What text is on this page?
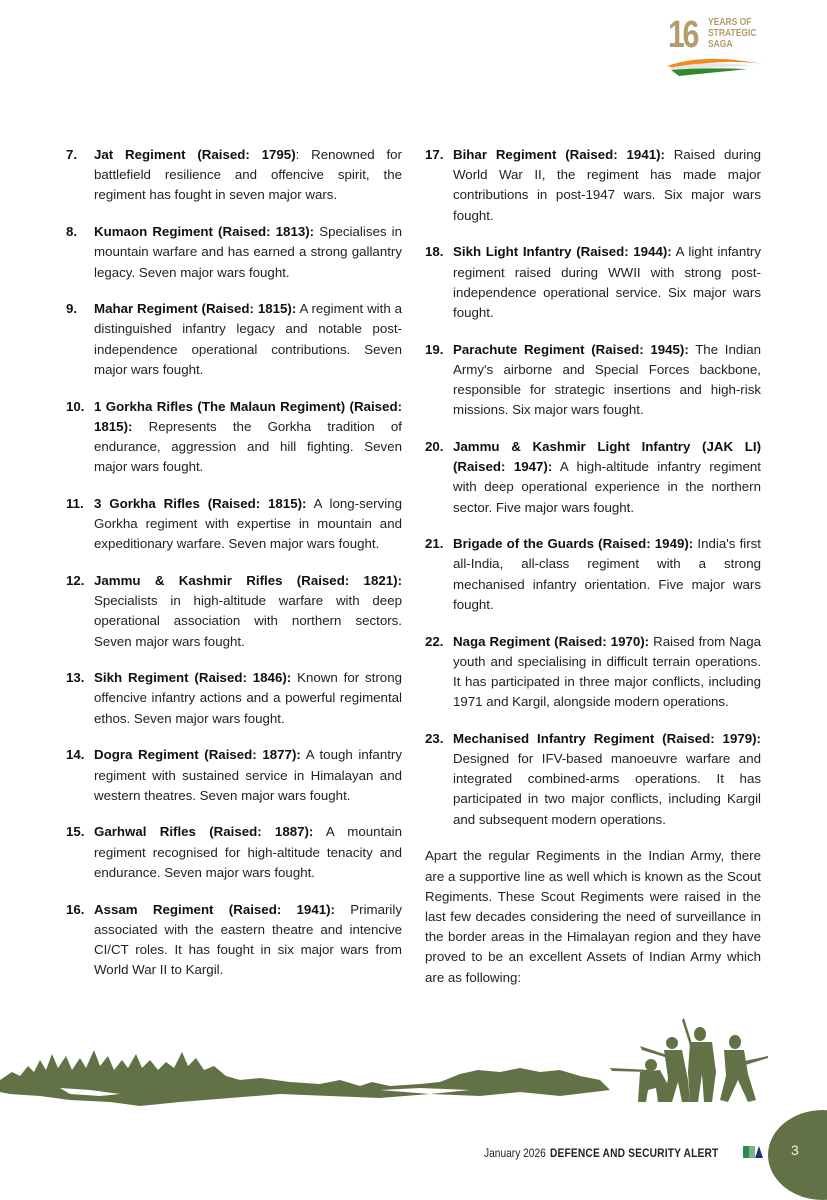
16 YEARS OF
STRATEGIC
SAGA
7. Jat Regiment (Raised: 1795): Renowned for battlefield resilience and offencive spirit, the regiment has fought in seven major wars.
8. Kumaon Regiment (Raised: 1813): Specialises in mountain warfare and has earned a strong gallantry legacy. Seven major wars fought.
9. Mahar Regiment (Raised: 1815): A regiment with a distinguished infantry legacy and notable post-independence operational contributions. Seven major wars fought.
10. 1 Gorkha Rifles (The Malaun Regiment) (Raised: 1815): Represents the Gorkha tradition of endurance, aggression and hill fighting. Seven major wars fought.
11. 3 Gorkha Rifles (Raised: 1815): A long-serving Gorkha regiment with expertise in mountain and expeditionary warfare. Seven major wars fought.
12. Jammu & Kashmir Rifles (Raised: 1821): Specialists in high-altitude warfare with deep operational association with northern sectors. Seven major wars fought.
13. Sikh Regiment (Raised: 1846): Known for strong offencive infantry actions and a powerful regimental ethos. Seven major wars fought.
14. Dogra Regiment (Raised: 1877): A tough infantry regiment with sustained service in Himalayan and western theatres. Seven major wars fought.
15. Garhwal Rifles (Raised: 1887): A mountain regiment recognised for high-altitude tenacity and endurance. Seven major wars fought.
16. Assam Regiment (Raised: 1941): Primarily associated with the eastern theatre and intencive CI/CT roles. It has fought in six major wars from World War II to Kargil.
17. Bihar Regiment (Raised: 1941): Raised during World War II, the regiment has made major contributions in post-1947 wars. Six major wars fought.
18. Sikh Light Infantry (Raised: 1944): A light infantry regiment raised during WWII with strong post-independence operational service. Six major wars fought.
19. Parachute Regiment (Raised: 1945): The Indian Army's airborne and Special Forces backbone, responsible for strategic insertions and high-risk missions. Six major wars fought.
20. Jammu & Kashmir Light Infantry (JAK LI) (Raised: 1947): A high-altitude infantry regiment with deep operational experience in the northern sector. Five major wars fought.
21. Brigade of the Guards (Raised: 1949): India's first all-India, all-class regiment with a strong mechanised infantry orientation. Five major wars fought.
22. Naga Regiment (Raised: 1970): Raised from Naga youth and specialising in difficult terrain operations. It has participated in three major conflicts, including 1971 and Kargil, alongside modern operations.
23. Mechanised Infantry Regiment (Raised: 1979): Designed for IFV-based manoeuvre warfare and integrated combined-arms operations. It has participated in two major conflicts, including Kargil and subsequent modern operations.
Apart the regular Regiments in the Indian Army, there are a supportive line as well which is known as the Scout Regiments. These Scout Regiments were raised in the last few decades considering the need of surveillance in the border areas in the Himalayan region and they have proved to be an excellent Assets of Indian Army which are as following:
January 2026 DEFENCE AND SECURITY ALERT	3
